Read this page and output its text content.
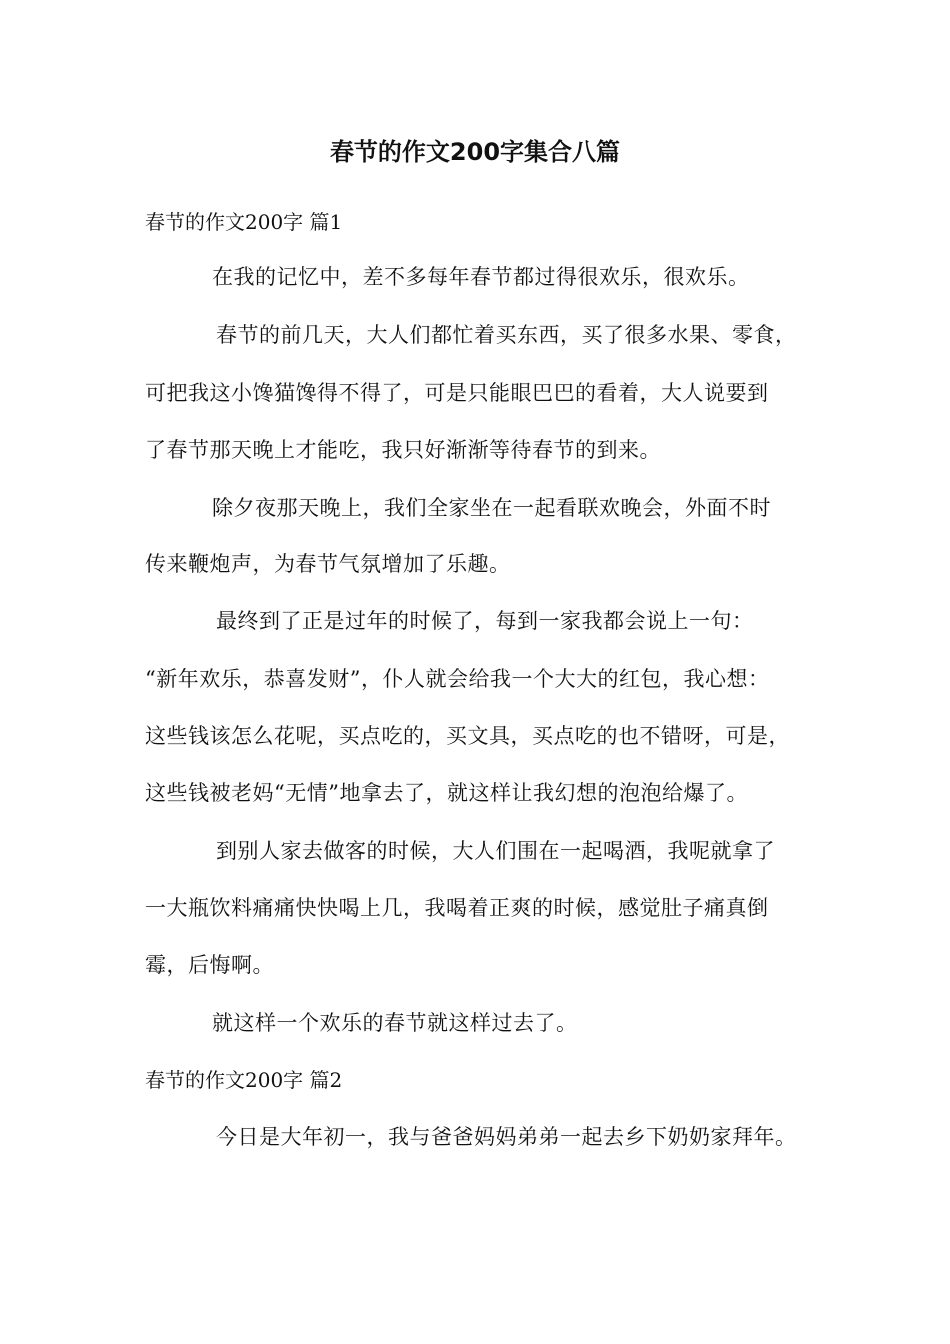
春节的作文200字集合八篇
春节的作文200字 篇1
在我的记忆中，差不多每年春节都过得很欢乐，很欢乐。
春节的前几天，大人们都忙着买东西，买了很多水果、零食，
可把我这小馋猫馋得不得了，可是只能眼巴巴的看着，大人说要到
了春节那天晚上才能吃，我只好渐渐等待春节的到来。
除夕夜那天晚上，我们全家坐在一起看联欢晚会，外面不时
传来鞭炮声，为春节气氛增加了乐趣。
最终到了正是过年的时候了，每到一家我都会说上一句：
“新年欢乐，恭喜发财”，仆人就会给我一个大大的红包，我心想：
这些钱该怎么花呢，买点吃的，买文具，买点吃的也不错呀，可是，
这些钱被老妈“无情”地拿去了，就这样让我幻想的泡泡给爆了。
到别人家去做客的时候，大人们围在一起喝酒，我呢就拿了
一大瓶饮料痛痛快快喝上几，我喝着正爽的时候，感觉肚子痛真倒
霉，后悔啊。
就这样一个欢乐的春节就这样过去了。
春节的作文200字 篇2
今日是大年初一，我与爸爸妈妈弟弟一起去乡下奶奶家拜年。
